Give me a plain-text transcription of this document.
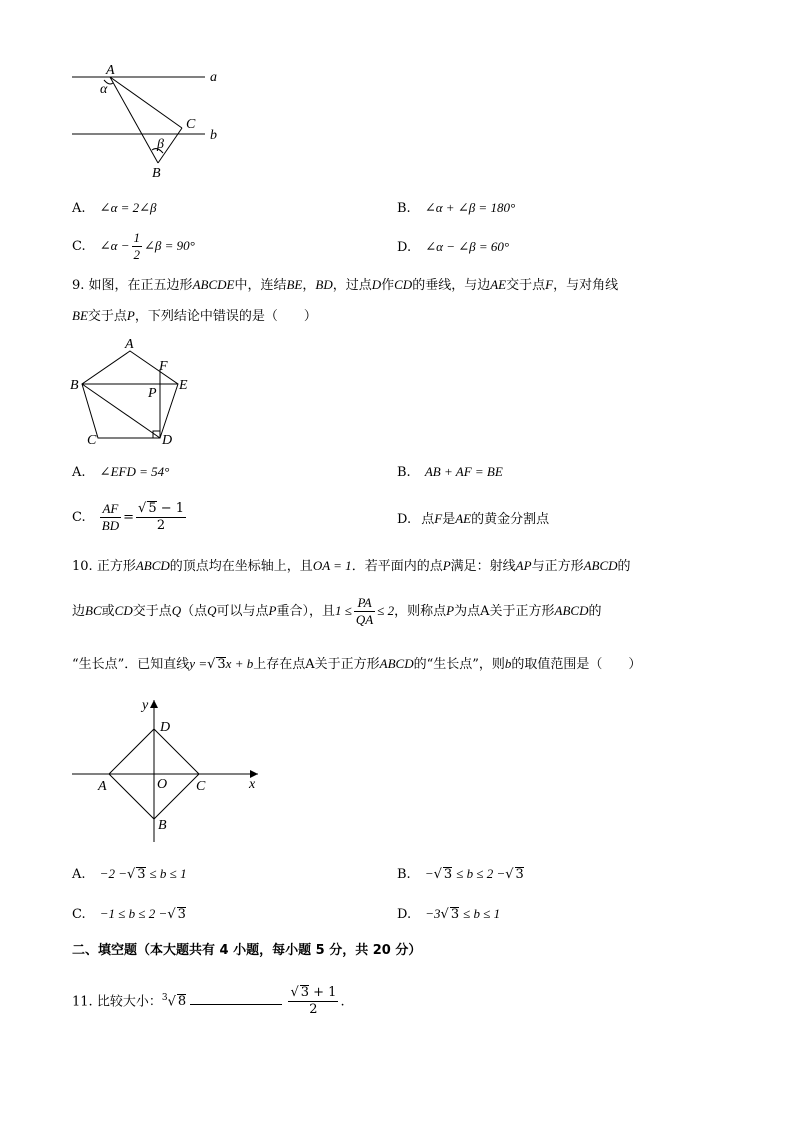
A	a
α
C
b
β
B
A. ∠α = 2∠β	B. ∠α + ∠β = 180°
C. ∠α − $\frac{1}{2}$ ∠β = 90°	D. ∠α − ∠β = 60°
9. 如图，在正五边形ABCDE中，连结BE，BD，过点D作CD的垂线，与边AE交于点F，与对角线
BE交于点P，下列结论中错误的是（　　）
A
B
C	D
E
F
P
A. ∠EFD = 54°	B. AB + AF = BE
C. $\frac{AF}{BD} = \frac{√ 5 - 1}{2}$	D. 点F是AE的黄金分割点
10. 正方形ABCD的顶点均在坐标轴上，且OA = 1．若平面内的点P满足：射线AP与正方形ABCD的
边BC或CD交于点Q（点Q可以与点P重合），且$1 \le \frac{PA}{QA} \le 2$，则称点P为点A关于正方形ABCD的
“生长点”．已知直线y =√ 3x + b上存在点A关于正方形ABCD的“生长点”，则b的取值范围是（　　）
y
x
D
A	O C
B
A. −2 −√ 3 ≤ b ≤ 1	B. −√ 3 ≤ b ≤ 2 −√ 3
C. −1 ≤ b ≤ 2 −√ 3	D. −3√ 3 ≤ b ≤ 1
二、填空题（本大题共有 4 小题，每小题 5 分，共 20 分）
11. 比较大小：$^3$√ 8	$\frac{√ 3 + 1}{2}$ .
